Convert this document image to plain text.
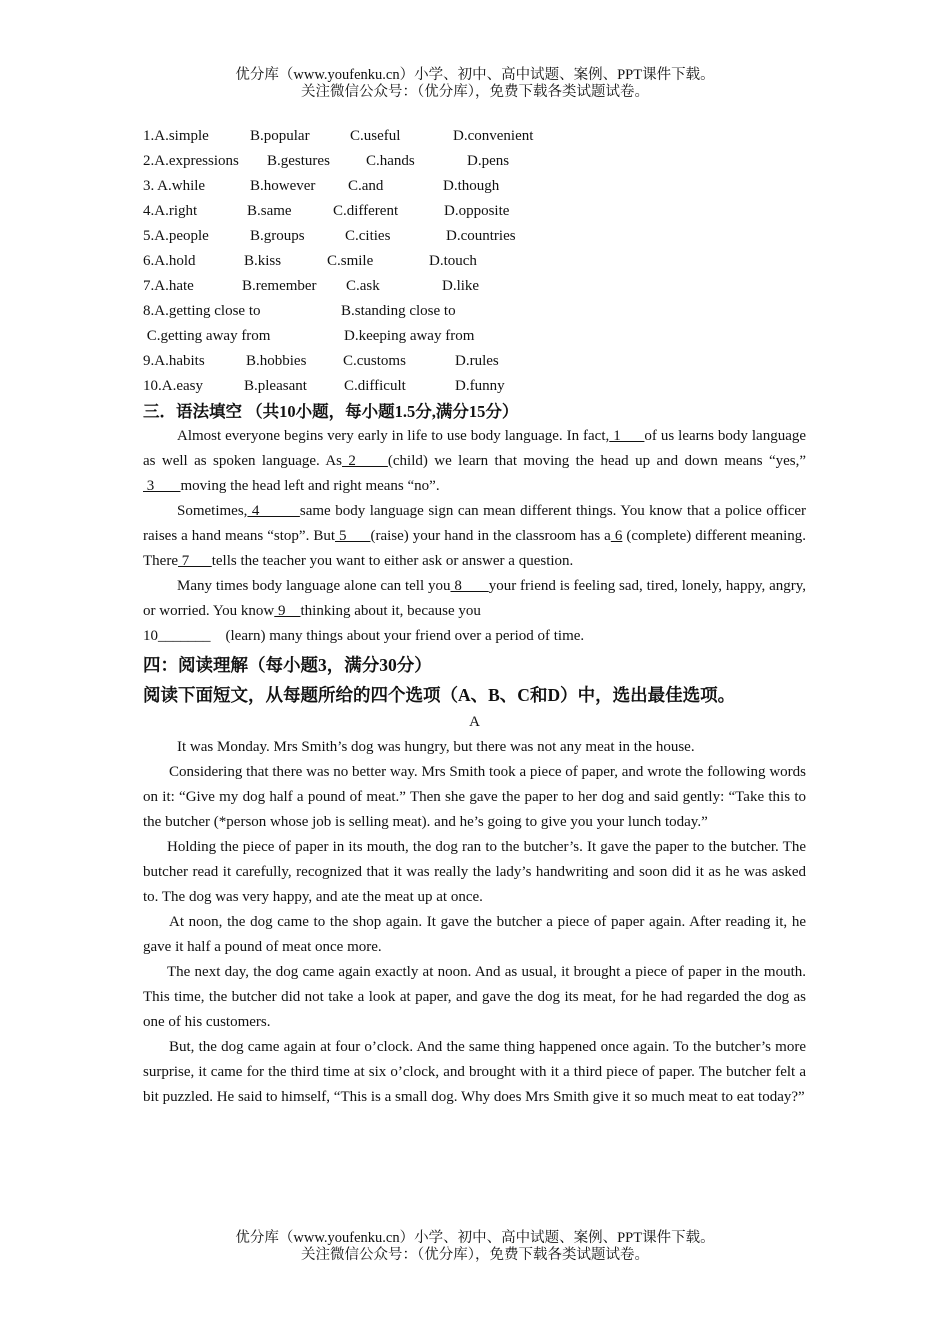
优分库（www.youfenku.cn）小学、初中、高中试题、案例、PPT课件下载。
关注微信公众号：（优分库），免费下载各类试题试卷。
1.A.simple	B.popular	C.useful	D.convenient
2.A.expressions	B.gestures	C.hands	D.pens
3. A.while	B.however	C.and	D.though
4.A.right	B.same	C.different	D.opposite
5.A.people	B.groups	C.cities	D.countries
6.A.hold	B.kiss	C.smile	D.touch
7.A.hate	B.remember	C.ask	D.like
8.A.getting close to	B.standing close to
C.getting away from	D.keeping away from
9.A.habits	B.hobbies	C.customs	D.rules
10.A.easy	B.pleasant	C.difficult	D.funny
三．语法填空 （共10小题，每小题1.5分,满分15分）

Almost everyone begins very early in life to use body language. In fact, 1      of us learns body language as well as spoken language. As 2     (child) we learn that moving the head up and down means “yes,” 3       moving the head left and right means “no”.

Sometimes, 4         same body language sign can mean different things. You know that a police officer raises a hand means “stop”. But 5      (raise) your hand in the classroom has a 6 (complete) different meaning. There 7      tells the teacher you want to either ask or answer a question.

Many times body language alone can tell you 8       your friend is feeling sad, tired, lonely, happy, angry, or worried. You know 9    thinking about it, because you

10_______    (learn) many things about your friend over a period of time.

四：阅读理解（每小题3，满分30分）
阅读下面短文，从每题所给的四个选项（A、B、C和D）中，选出最佳选项。

A

It was Monday. Mrs Smith’s dog was hungry, but there was not any meat in the house.

Considering that there was no better way. Mrs Smith took a piece of paper, and wrote the following words on it: “Give my dog half a pound of meat.” Then she gave the paper to her dog and said gently: “Take this to the butcher (*person whose job is selling meat). and he’s going to give you your lunch today.”

Holding the piece of paper in its mouth, the dog ran to the butcher’s. It gave the paper to the butcher. The butcher read it carefully, recognized that it was really the lady’s handwriting and soon did it as he was asked to. The dog was very happy, and ate the meat up at once.

At noon, the dog came to the shop again. It gave the butcher a piece of paper again. After reading it, he gave it half a pound of meat once more.

The next day, the dog came again exactly at noon. And as usual, it brought a piece of paper in the mouth. This time, the butcher did not take a look at paper, and gave the dog its meat, for he had regarded the dog as one of his customers.

But, the dog came again at four o’clock. And the same thing happened once again. To the butcher’s more surprise, it came for the third time at six o’clock, and brought with it a third piece of paper. The butcher felt a bit puzzled. He said to himself, “This is a small dog. Why does Mrs Smith give it so much meat to eat today?”

优分库（www.youfenku.cn）小学、初中、高中试题、案例、PPT课件下载。
关注微信公众号：（优分库），免费下载各类试题试卷。
